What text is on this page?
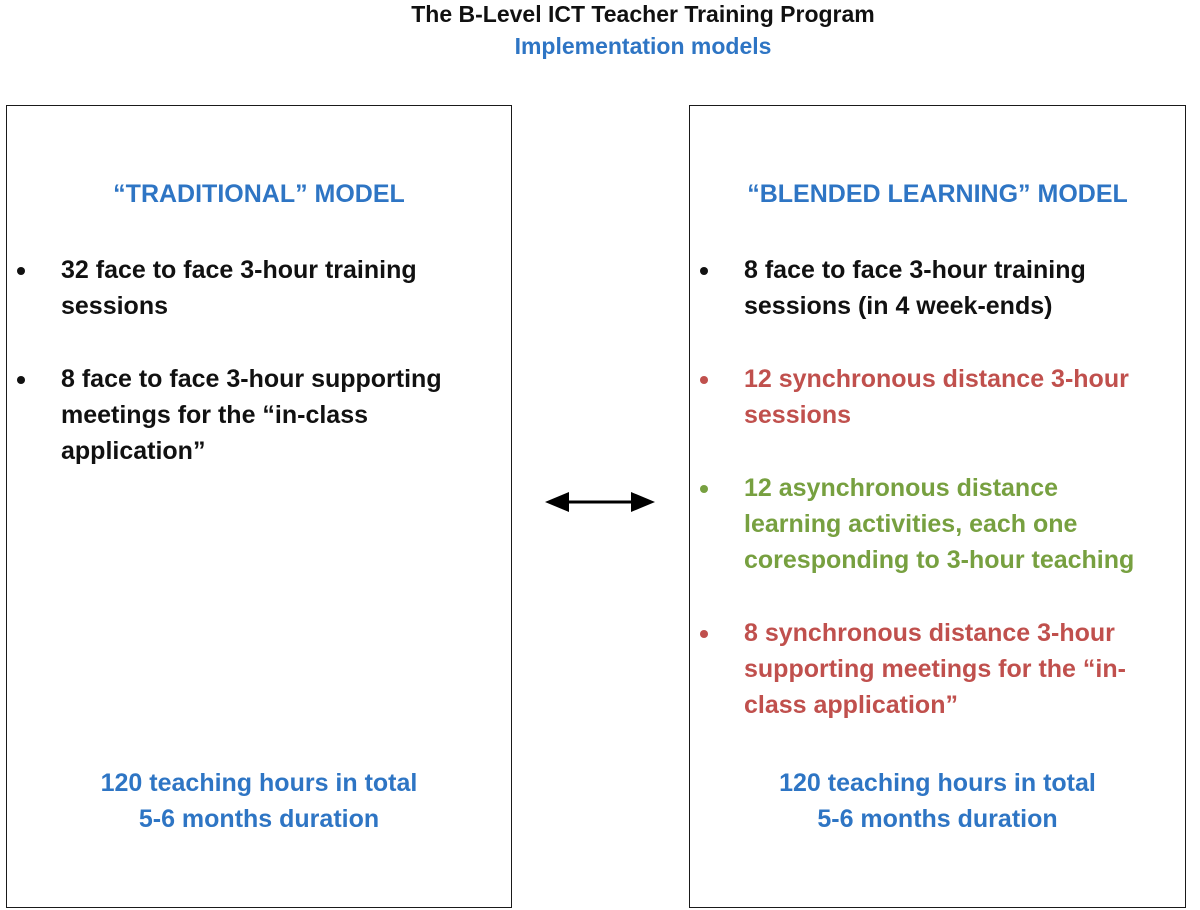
The B-Level ICT Teacher Training Program
Implementation models
“TRADITIONAL” MODEL
32 face to face 3-hour training sessions
8 face to face 3-hour supporting meetings for the “in-class application”
120 teaching hours in total
5-6 months duration
“BLENDED LEARNING” MODEL
8 face to face 3-hour training sessions (in 4 week-ends)
12 synchronous distance 3-hour sessions
12 asynchronous distance learning activities, each one coresponding to 3-hour teaching
8 synchronous distance 3-hour supporting meetings for the “in-class application”
120 teaching hours in total
5-6 months duration
